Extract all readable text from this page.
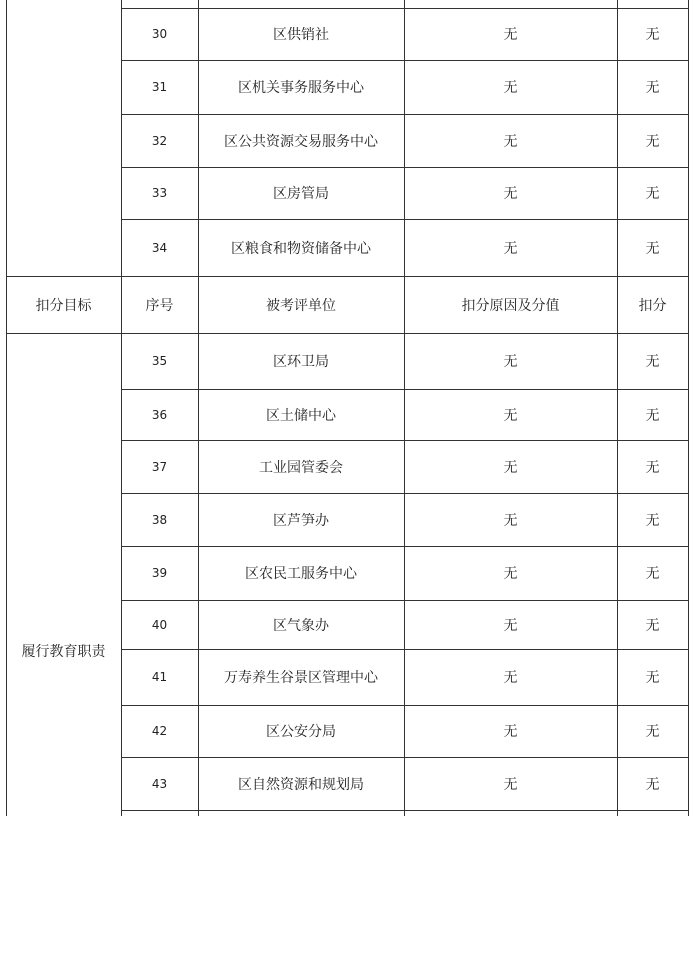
30	区供销社	无	无
31	区机关事务服务中心	无	无
32	区公共资源交易服务中心	无	无
33	区房管局	无	无
34	区粮食和物资储备中心	无	无
扣分目标	序号	被考评单位	扣分原因及分值	扣分
履行教育职责
35	区环卫局	无	无
36	区土储中心	无	无
37	工业园管委会	无	无
38	区芦笋办	无	无
39	区农民工服务中心	无	无
40	区气象办	无	无
41	万寿养生谷景区管理中心	无	无
42	区公安分局	无	无
43	区自然资源和规划局	无	无
